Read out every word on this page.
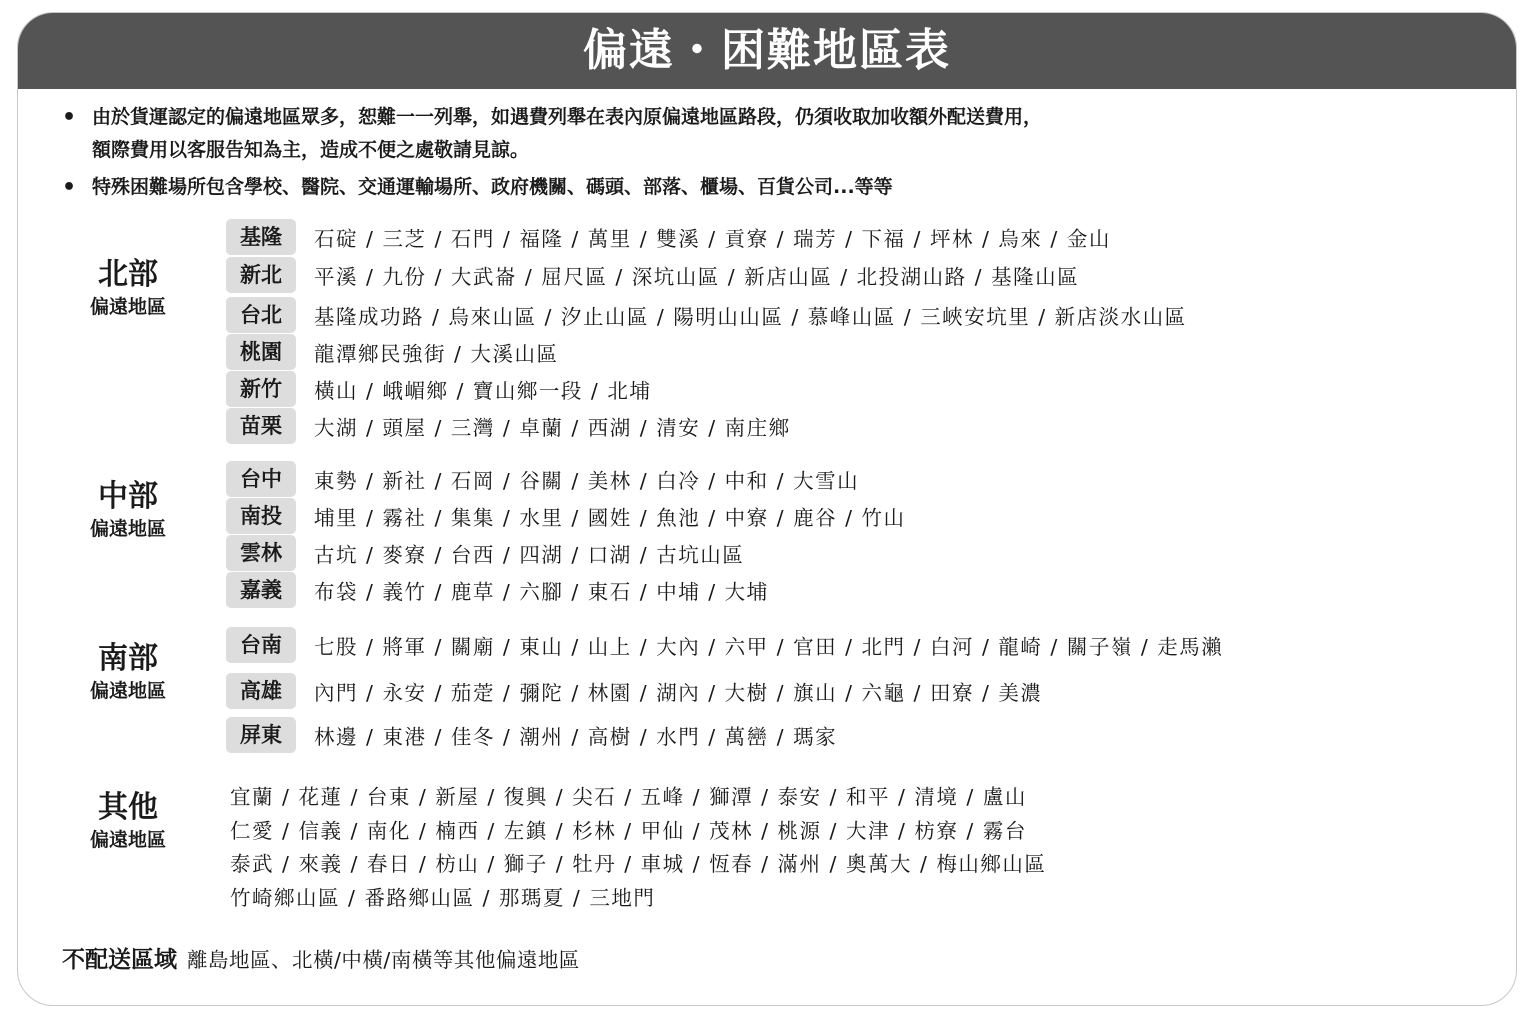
偏遠・困難地區表
• 由於貨運認定的偏遠地區眾多，恕難一一列舉，如遇費列舉在表內原偏遠地區路段，仍須收取加收額外配送費用，
額際費用以客服告知為主，造成不便之處敬請見諒。
• 特殊困難場所包含學校、醫院、交通運輸場所、政府機關、碼頭、部落、櫃場、百貨公司...等等
北部
偏遠地區
基隆	石碇 / 三芝 / 石門 / 福隆 / 萬里 / 雙溪 / 貢寮 / 瑞芳 / 下福 / 坪林 / 烏來 / 金山
新北	平溪 / 九份 / 大武崙 / 屈尺區 / 深坑山區 / 新店山區 / 北投湖山路 / 基隆山區
台北	基隆成功路 / 烏來山區 / 汐止山區 / 陽明山山區 / 慕峰山區 / 三峽安坑里 / 新店淡水山區
桃園	龍潭鄉民強街 / 大溪山區
新竹	橫山 / 峨嵋鄉 / 寶山鄉一段 / 北埔
苗栗	大湖 / 頭屋 / 三灣 / 卓蘭 / 西湖 / 清安 / 南庄鄉
中部
偏遠地區
台中	東勢 / 新社 / 石岡 / 谷關 / 美林 / 白冷 / 中和 / 大雪山
南投	埔里 / 霧社 / 集集 / 水里 / 國姓 / 魚池 / 中寮 / 鹿谷 / 竹山
雲林	古坑 / 麥寮 / 台西 / 四湖 / 口湖 / 古坑山區
嘉義	布袋 / 義竹 / 鹿草 / 六腳 / 東石 / 中埔 / 大埔
南部
偏遠地區
台南	七股 / 將軍 / 關廟 / 東山 / 山上 / 大內 / 六甲 / 官田 / 北門 / 白河 / 龍崎 / 關子嶺 / 走馬瀨
高雄	內門 / 永安 / 茄萣 / 彌陀 / 林園 / 湖內 / 大樹 / 旗山 / 六龜 / 田寮 / 美濃
屏東	林邊 / 東港 / 佳冬 / 潮州 / 高樹 / 水門 / 萬巒 / 瑪家
其他
偏遠地區
宜蘭 / 花蓮 / 台東 / 新屋 / 復興 / 尖石 / 五峰 / 獅潭 / 泰安 / 和平 / 清境 / 盧山
仁愛 / 信義 / 南化 / 楠西 / 左鎮 / 杉林 / 甲仙 / 茂林 / 桃源 / 大津 / 枋寮 / 霧台
泰武 / 來義 / 春日 / 枋山 / 獅子 / 牡丹 / 車城 / 恆春 / 滿州 / 奧萬大 / 梅山鄉山區
竹崎鄉山區 / 番路鄉山區 / 那瑪夏 / 三地門
不配送區域 離島地區、北橫/中橫/南橫等其他偏遠地區
